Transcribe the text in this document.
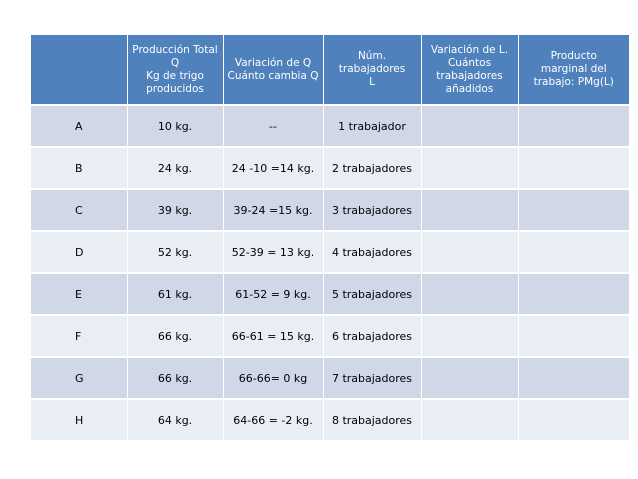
	Producción Total
Q
Kg de trigo
producidos	Variación de Q
Cuánto cambia Q	Núm.
trabajadores
L	Variación de L.
Cuántos
trabajadores
añadidos	Producto
marginal del
trabajo: PMg(L)
A	10 kg.	--	1 trabajador		
B	24 kg.	24 -10 =14 kg.	2 trabajadores		
C	39 kg.	39-24 =15 kg.	3 trabajadores		
D	52 kg.	52-39 = 13 kg.	4 trabajadores		
E	61 kg.	61-52 = 9 kg.	5 trabajadores		
F	66 kg.	66-61 = 15 kg.	6 trabajadores		
G	66 kg.	66-66= 0 kg	7 trabajadores		
H	64 kg.	64-66 = -2 kg.	8 trabajadores		
